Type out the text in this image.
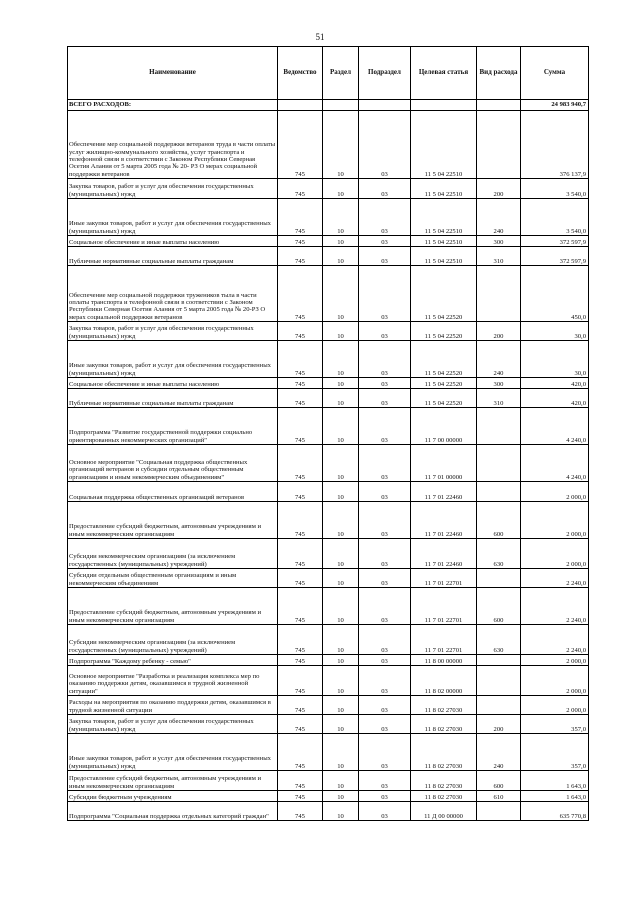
51
Наименование	Ведомство	Раздел	Подраздел	Целевая статья	Вид расхода	Сумма
ВСЕГО РАСХОДОВ:						24 983 940,7
Обеспечение мер социальной поддержки ветеранов труда в части оплаты услуг жилищно-коммунального хозяйства, услуг транспорта и телефонной связи в соответствии с Законом Республики Северная Осетия Алания от 5 марта 2005 года № 20- РЗ О мерах социальной поддержки ветеранов	745	10	03	11 5 04 22510		376 137,9
Закупка товаров, работ и услуг для обеспечения государственных (муниципальных) нужд	745	10	03	11 5 04 22510	200	3 540,0
Иные закупки товаров, работ и услуг для обеспечения государственных (муниципальных) нужд	745	10	03	11 5 04 22510	240	3 540,0
Социальное обеспечение и иные выплаты населению	745	10	03	11 5 04 22510	300	372 597,9
Публичные нормативные социальные выплаты гражданам	745	10	03	11 5 04 22510	310	372 597,9
Обеспечение мер социальной поддержки тружеников тыла в части оплаты транспорта и телефонной связи в соответствии с Законом Республики Северная Осетия Алания от 5 марта 2005 года № 20-РЗ О мерах социальной поддержки ветеранов	745	10	03	11 5 04 22520		450,0
Закупка товаров, работ и услуг для обеспечения государственных (муниципальных) нужд	745	10	03	11 5 04 22520	200	30,0
Иные закупки товаров, работ и услуг для обеспечения государственных (муниципальных) нужд	745	10	03	11 5 04 22520	240	30,0
Социальное обеспечение и иные выплаты населению	745	10	03	11 5 04 22520	300	420,0
Публичные нормативные социальные выплаты гражданам	745	10	03	11 5 04 22520	310	420,0
Подпрограмма "Развитие государственной поддержки социально ориентированных некоммерческих организаций"	745	10	03	11 7 00 00000		4 240,0
Основное мероприятие "Социальная поддержка общественных организаций ветеранов и субсидии отдельным общественным организациям и иным некоммерческим объединениям"	745	10	03	11 7 01 00000		4 240,0
Социальная поддержка общественных организаций ветеранов	745	10	03	11 7 01 22460		2 000,0
Предоставление субсидий бюджетным, автономным учреждениям и иным некоммерческим организациям	745	10	03	11 7 01 22460	600	2 000,0
Субсидии некоммерческим организациям (за исключением государственных (муниципальных) учреждений)	745	10	03	11 7 01 22460	630	2 000,0
Субсидии отдельным общественным организациям и иным некоммерческим объединениям	745	10	03	11 7 01 22701		2 240,0
Предоставление субсидий бюджетным, автономным учреждениям и иным некоммерческим организациям	745	10	03	11 7 01 22701	600	2 240,0
Субсидии некоммерческим организациям (за исключением государственных (муниципальных) учреждений)	745	10	03	11 7 01 22701	630	2 240,0
Подпрограмма "Каждому ребенку - семью"	745	10	03	11 8 00 00000		2 000,0
Основное мероприятие "Разработка и реализация комплекса мер по оказанию поддержки детям, оказавшимся в трудной жизненной ситуации"	745	10	03	11 8 02 00000		2 000,0
Расходы на мероприятия по оказанию поддержки детям, оказавшимся в трудной жизненной ситуации	745	10	03	11 8 02 27030		2 000,0
Закупка товаров, работ и услуг для обеспечения государственных (муниципальных) нужд	745	10	03	11 8 02 27030	200	357,0
Иные закупки товаров, работ и услуг для обеспечения государственных (муниципальных) нужд	745	10	03	11 8 02 27030	240	357,0
Предоставление субсидий бюджетным, автономным учреждениям и иным некоммерческим организациям	745	10	03	11 8 02 27030	600	1 643,0
Субсидии бюджетным учреждениям	745	10	03	11 8 02 27030	610	1 643,0
Подпрограмма "Социальная поддержка отдельных категорий граждан"	745	10	03	11 Д 00 00000		635 770,8
